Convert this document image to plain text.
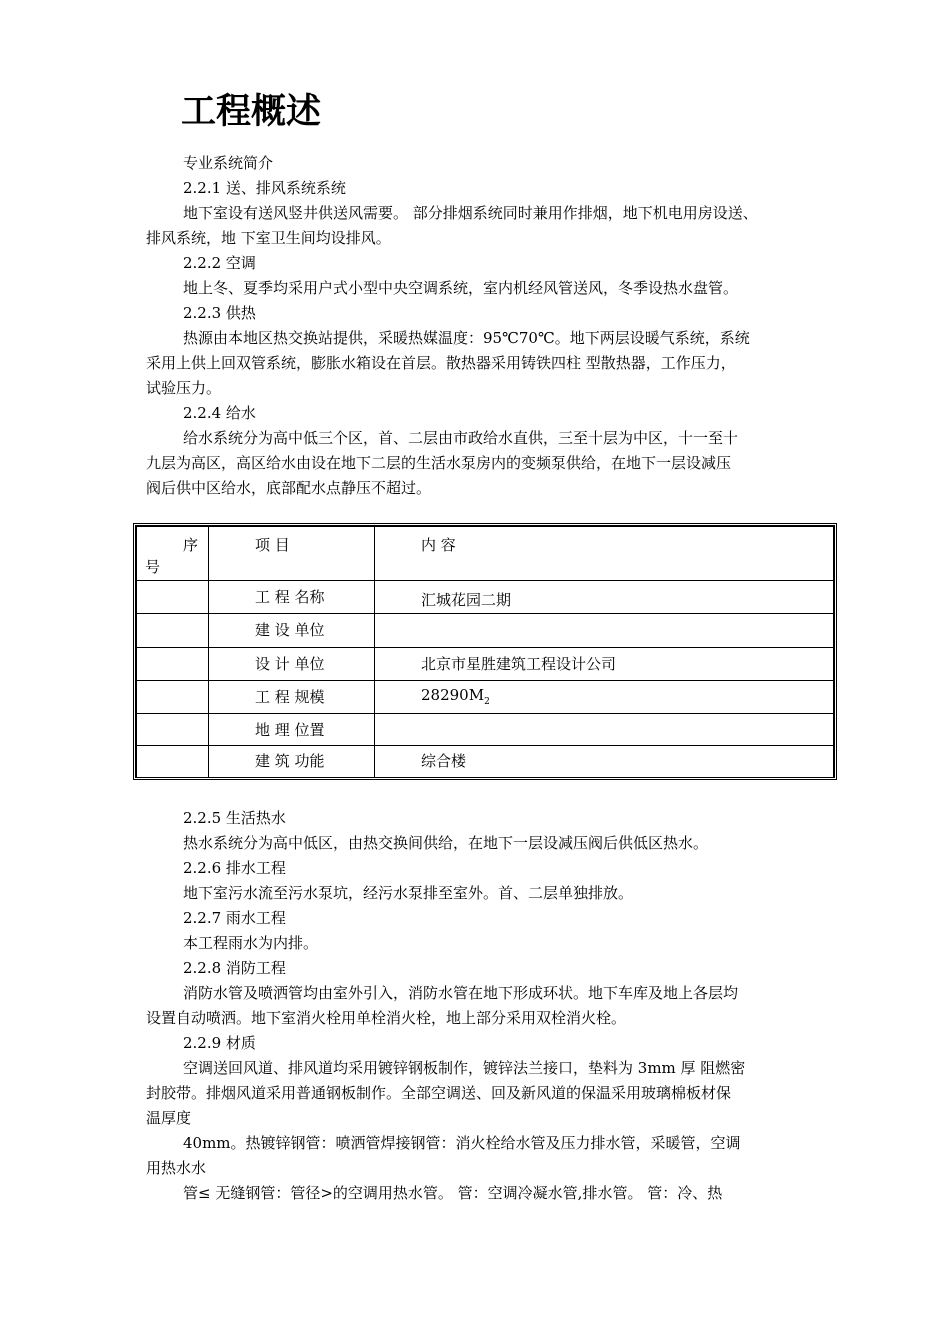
工程概述
专业系统简介
2.2.1 送、排风系统系统
地下室设有送风竖井供送风需要。 部分排烟系统同时兼用作排烟，地下机电用房设送、
排风系统，地 下室卫生间均设排风。
2.2.2 空调
地上冬、夏季均采用户式小型中央空调系统，室内机经风管送风，冬季设热水盘管。
2.2.3 供热
热源由本地区热交换站提供，采暖热媒温度：95℃70℃。地下两层设暖气系统，系统
采用上供上回双管系统，膨胀水箱设在首层。散热器采用铸铁四柱 型散热器，工作压力，
试验压力。
2.2.4 给水
给水系统分为高中低三个区，首、二层由市政给水直供，三至十层为中区，十一至十
九层为高区，高区给水由设在地下二层的生活水泵房内的变频泵供给，在地下一层设减压
阀后供中区给水，底部配水点静压不超过。
序
号	项 目	内 容

	工 程 名称	汇城花园二期

	建 设 单位	

	设 计 单位	北京市星胜建筑工程设计公司

	工 程 规模	$28290M_2$

	地 理 位置	

	建 筑 功能	综合楼
2.2.5 生活热水
热水系统分为高中低区，由热交换间供给，在地下一层设减压阀后供低区热水。
2.2.6 排水工程
地下室污水流至污水泵坑，经污水泵排至室外。首、二层单独排放。
2.2.7 雨水工程
本工程雨水为内排。
2.2.8 消防工程
消防水管及喷洒管均由室外引入，消防水管在地下形成环状。地下车库及地上各层均
设置自动喷洒。地下室消火栓用单栓消火栓，地上部分采用双栓消火栓。
2.2.9 材质
空调送回风道、排风道均采用镀锌钢板制作，镀锌法兰接口，垫料为 3mm 厚 阻燃密
封胶带。排烟风道采用普通钢板制作。全部空调送、回及新风道的保温采用玻璃棉板材保
温厚度
40mm。热镀锌钢管：喷洒管焊接钢管：消火栓给水管及压力排水管，采暖管，空调
用热水水
管≤ 无缝钢管：管径>的空调用热水管。 管：空调冷凝水管,排水管。 管：冷、热
